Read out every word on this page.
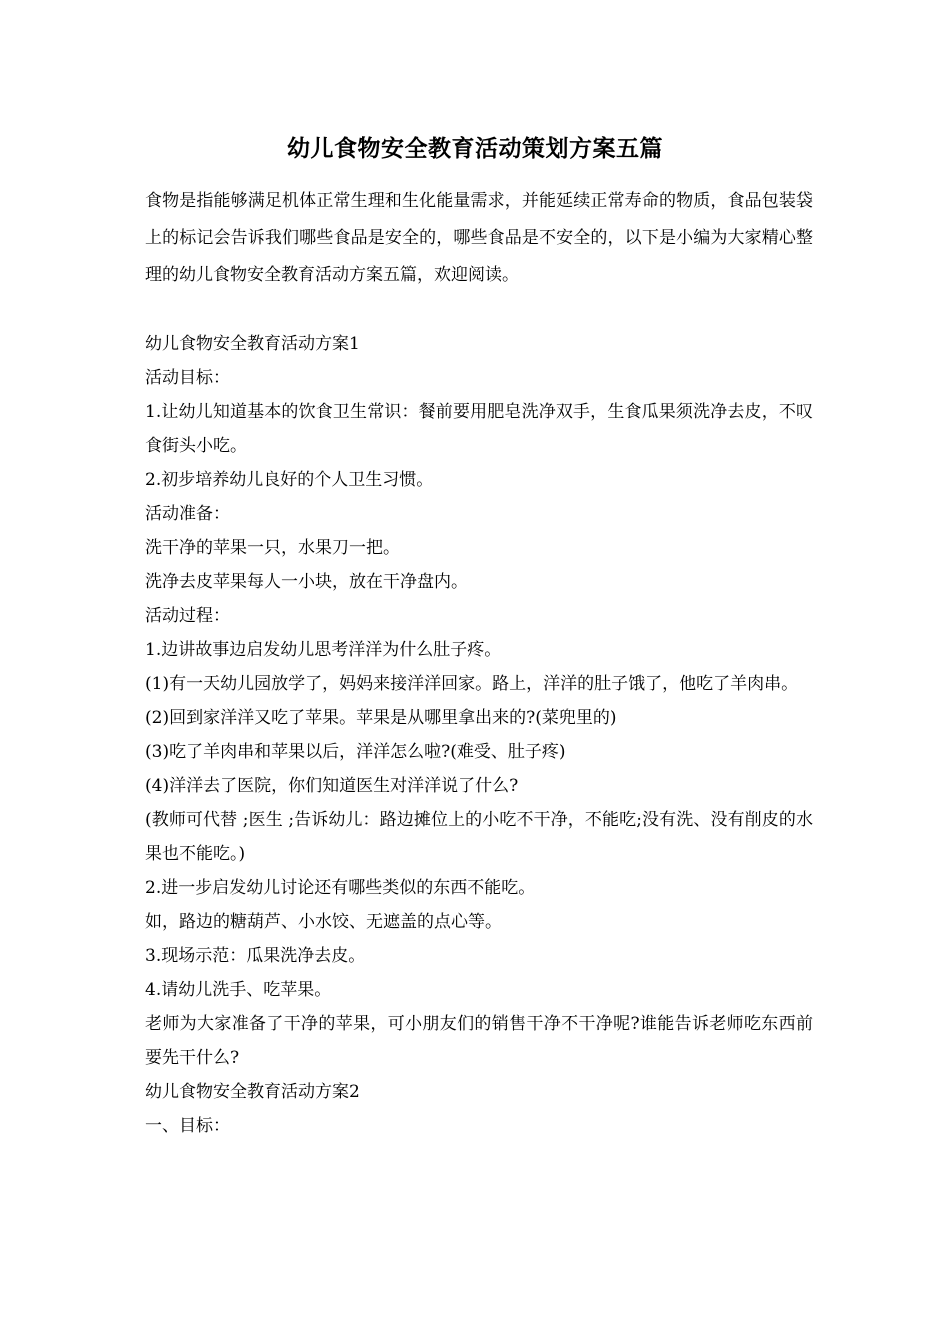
幼儿食物安全教育活动策划方案五篇
食物是指能够满足机体正常生理和生化能量需求，并能延续正常寿命的物质，食品包装袋上的标记会告诉我们哪些食品是安全的，哪些食品是不安全的，以下是小编为大家精心整理的幼儿食物安全教育活动方案五篇，欢迎阅读。

幼儿食物安全教育活动方案1

活动目标：

1.让幼儿知道基本的饮食卫生常识：餐前要用肥皂洗净双手，生食瓜果须洗净去皮，不叹食街头小吃。

2.初步培养幼儿良好的个人卫生习惯。

活动准备：

洗干净的苹果一只，水果刀一把。

洗净去皮苹果每人一小块，放在干净盘内。

活动过程：

1.边讲故事边启发幼儿思考洋洋为什么肚子疼。

(1)有一天幼儿园放学了，妈妈来接洋洋回家。路上，洋洋的肚子饿了，他吃了羊肉串。

(2)回到家洋洋又吃了苹果。苹果是从哪里拿出来的?(菜兜里的)

(3)吃了羊肉串和苹果以后，洋洋怎么啦?(难受、肚子疼)

(4)洋洋去了医院，你们知道医生对洋洋说了什么?

(教师可代替 ;医生 ;告诉幼儿：路边摊位上的小吃不干净，不能吃;没有洗、没有削皮的水果也不能吃。)

2.进一步启发幼儿讨论还有哪些类似的东西不能吃。

如，路边的糖葫芦、小水饺、无遮盖的点心等。

3.现场示范：瓜果洗净去皮。

4.请幼儿洗手、吃苹果。

老师为大家准备了干净的苹果，可小朋友们的销售干净不干净呢?谁能告诉老师吃东西前要先干什么?

幼儿食物安全教育活动方案2

一、目标：
